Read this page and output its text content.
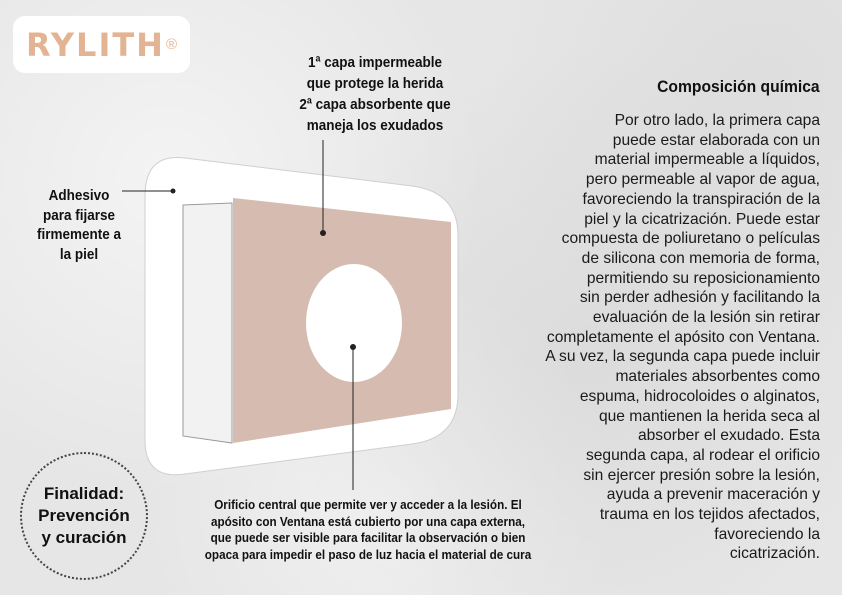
RYLITH ®
1ª capa impermeable
que protege la herida
2ª capa absorbente que
maneja los exudados
Adhesivo
para fijarse
firmemente a
la piel
Orificio central que permite ver y acceder a la lesión. El
apósito con Ventana está cubierto por una capa externa,
que puede ser visible para facilitar la observación o bien
opaca para impedir el paso de luz hacia el material de cura
Finalidad:
Prevención
y curación
Composición química
Por otro lado, la primera capa
puede estar elaborada con un
material impermeable a líquidos,
pero permeable al vapor de agua,
favoreciendo la transpiración de la
piel y la cicatrización. Puede estar
compuesta de poliuretano o películas
de silicona con memoria de forma,
permitiendo su reposicionamiento
sin perder adhesión y facilitando la
evaluación de la lesión sin retirar
completamente el apósito con Ventana.
A su vez, la segunda capa puede incluir
materiales absorbentes como
espuma, hidrocoloides o alginatos,
que mantienen la herida seca al
absorber el exudado. Esta
segunda capa, al rodear el orificio
sin ejercer presión sobre la lesión,
ayuda a prevenir maceración y
trauma en los tejidos afectados,
favoreciendo la
cicatrización.
